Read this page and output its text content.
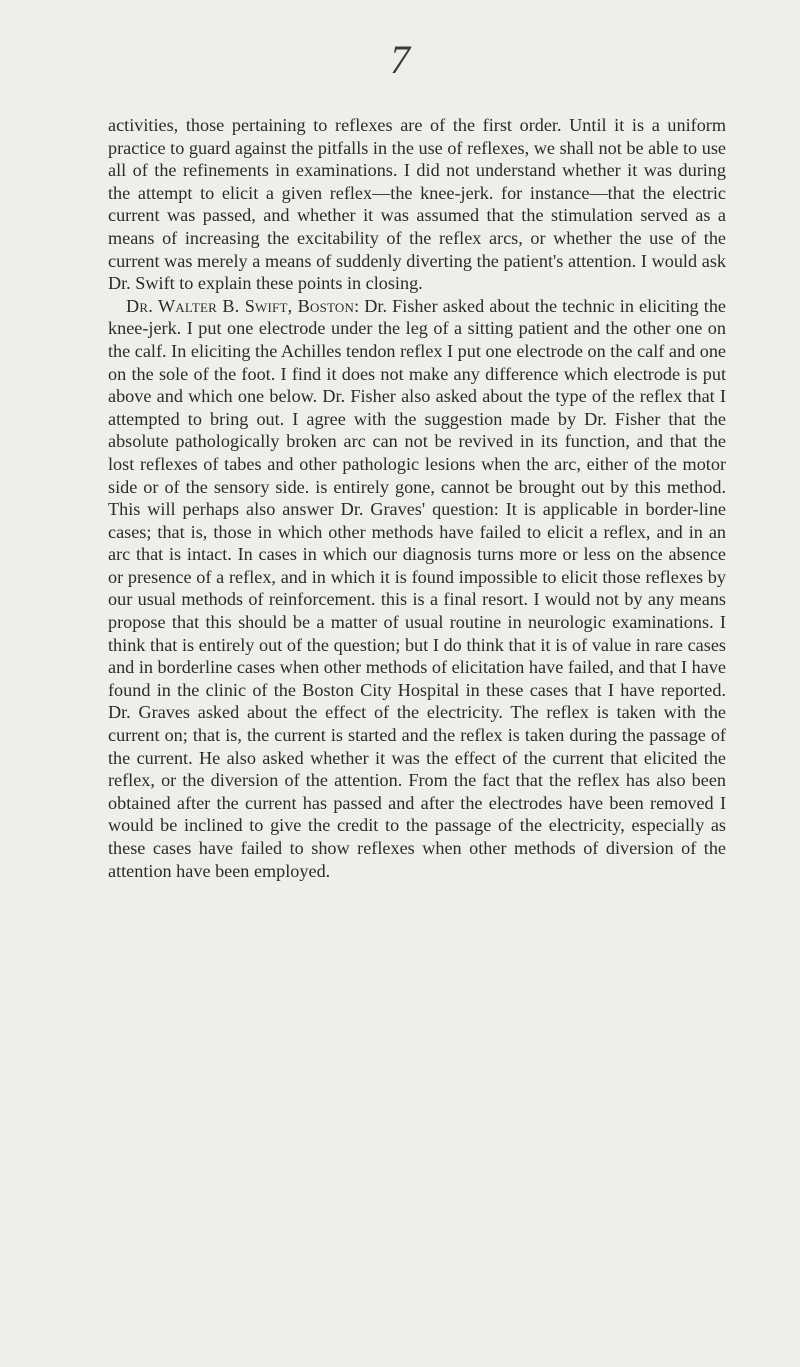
7

activities, those pertaining to reflexes are of the first order. Until it is a uniform practice to guard against the pitfalls in the use of reflexes, we shall not be able to use all of the refinements in examinations. I did not understand whether it was during the attempt to elicit a given reflex—the knee-jerk. for instance—that the electric current was passed, and whether it was assumed that the stimulation served as a means of increasing the excitability of the reflex arcs, or whether the use of the current was merely a means of suddenly diverting the patient's attention. I would ask Dr. Swift to explain these points in closing.

Dr. Walter B. Swift, Boston: Dr. Fisher asked about the technic in eliciting the knee-jerk. I put one electrode under the leg of a sitting patient and the other one on the calf. In eliciting the Achilles tendon reflex I put one electrode on the calf and one on the sole of the foot. I find it does not make any difference which electrode is put above and which one below. Dr. Fisher also asked about the type of the reflex that I attempted to bring out. I agree with the suggestion made by Dr. Fisher that the absolute pathologically broken arc can not be revived in its function, and that the lost reflexes of tabes and other pathologic lesions when the arc, either of the motor side or of the sensory side. is entirely gone, cannot be brought out by this method. This will perhaps also answer Dr. Graves' question: It is applicable in border-line cases; that is, those in which other methods have failed to elicit a reflex, and in an arc that is intact. In cases in which our diagnosis turns more or less on the absence or presence of a reflex, and in which it is found impossible to elicit those reflexes by our usual methods of reinforcement. this is a final resort. I would not by any means propose that this should be a matter of usual routine in neurologic examinations. I think that is entirely out of the question; but I do think that it is of value in rare cases and in borderline cases when other methods of elicitation have failed, and that I have found in the clinic of the Boston City Hospital in these cases that I have reported. Dr. Graves asked about the effect of the electricity. The reflex is taken with the current on; that is, the current is started and the reflex is taken during the passage of the current. He also asked whether it was the effect of the current that elicited the reflex, or the diversion of the attention. From the fact that the reflex has also been obtained after the current has passed and after the electrodes have been removed I would be inclined to give the credit to the passage of the electricity, especially as these cases have failed to show reflexes when other methods of diversion of the attention have been employed.
